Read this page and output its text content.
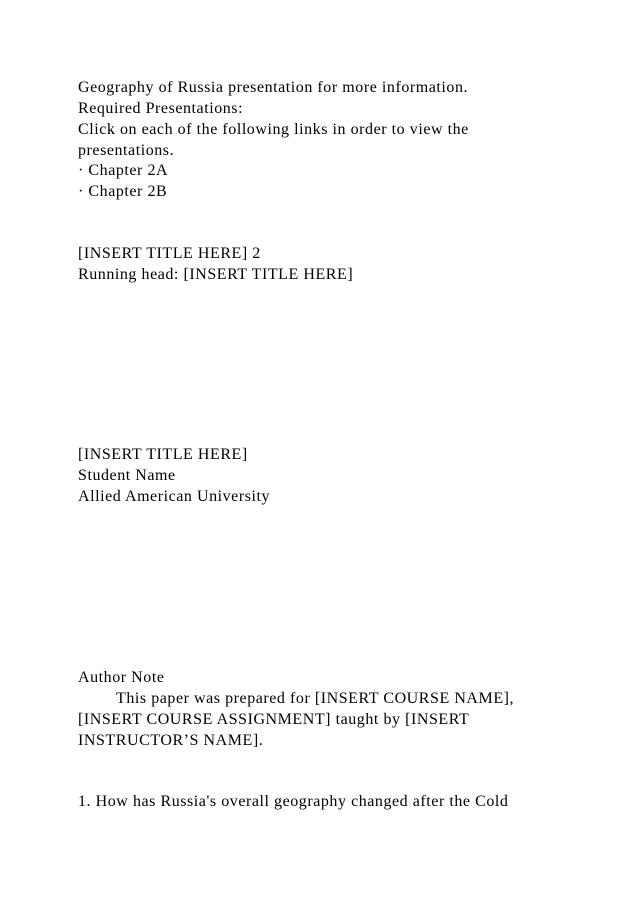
Geography of Russia presentation for more information.
Required Presentations:
Click on each of the following links in order to view the
presentations.
· Chapter 2A
· Chapter 2B
[INSERT TITLE HERE] 2
Running head: [INSERT TITLE HERE]
[INSERT TITLE HERE]
Student Name
Allied American University
Author Note
This paper was prepared for [INSERT COURSE NAME],
[INSERT COURSE ASSIGNMENT] taught by [INSERT
INSTRUCTOR’S NAME].
1. How has Russia's overall geography changed after the Cold
